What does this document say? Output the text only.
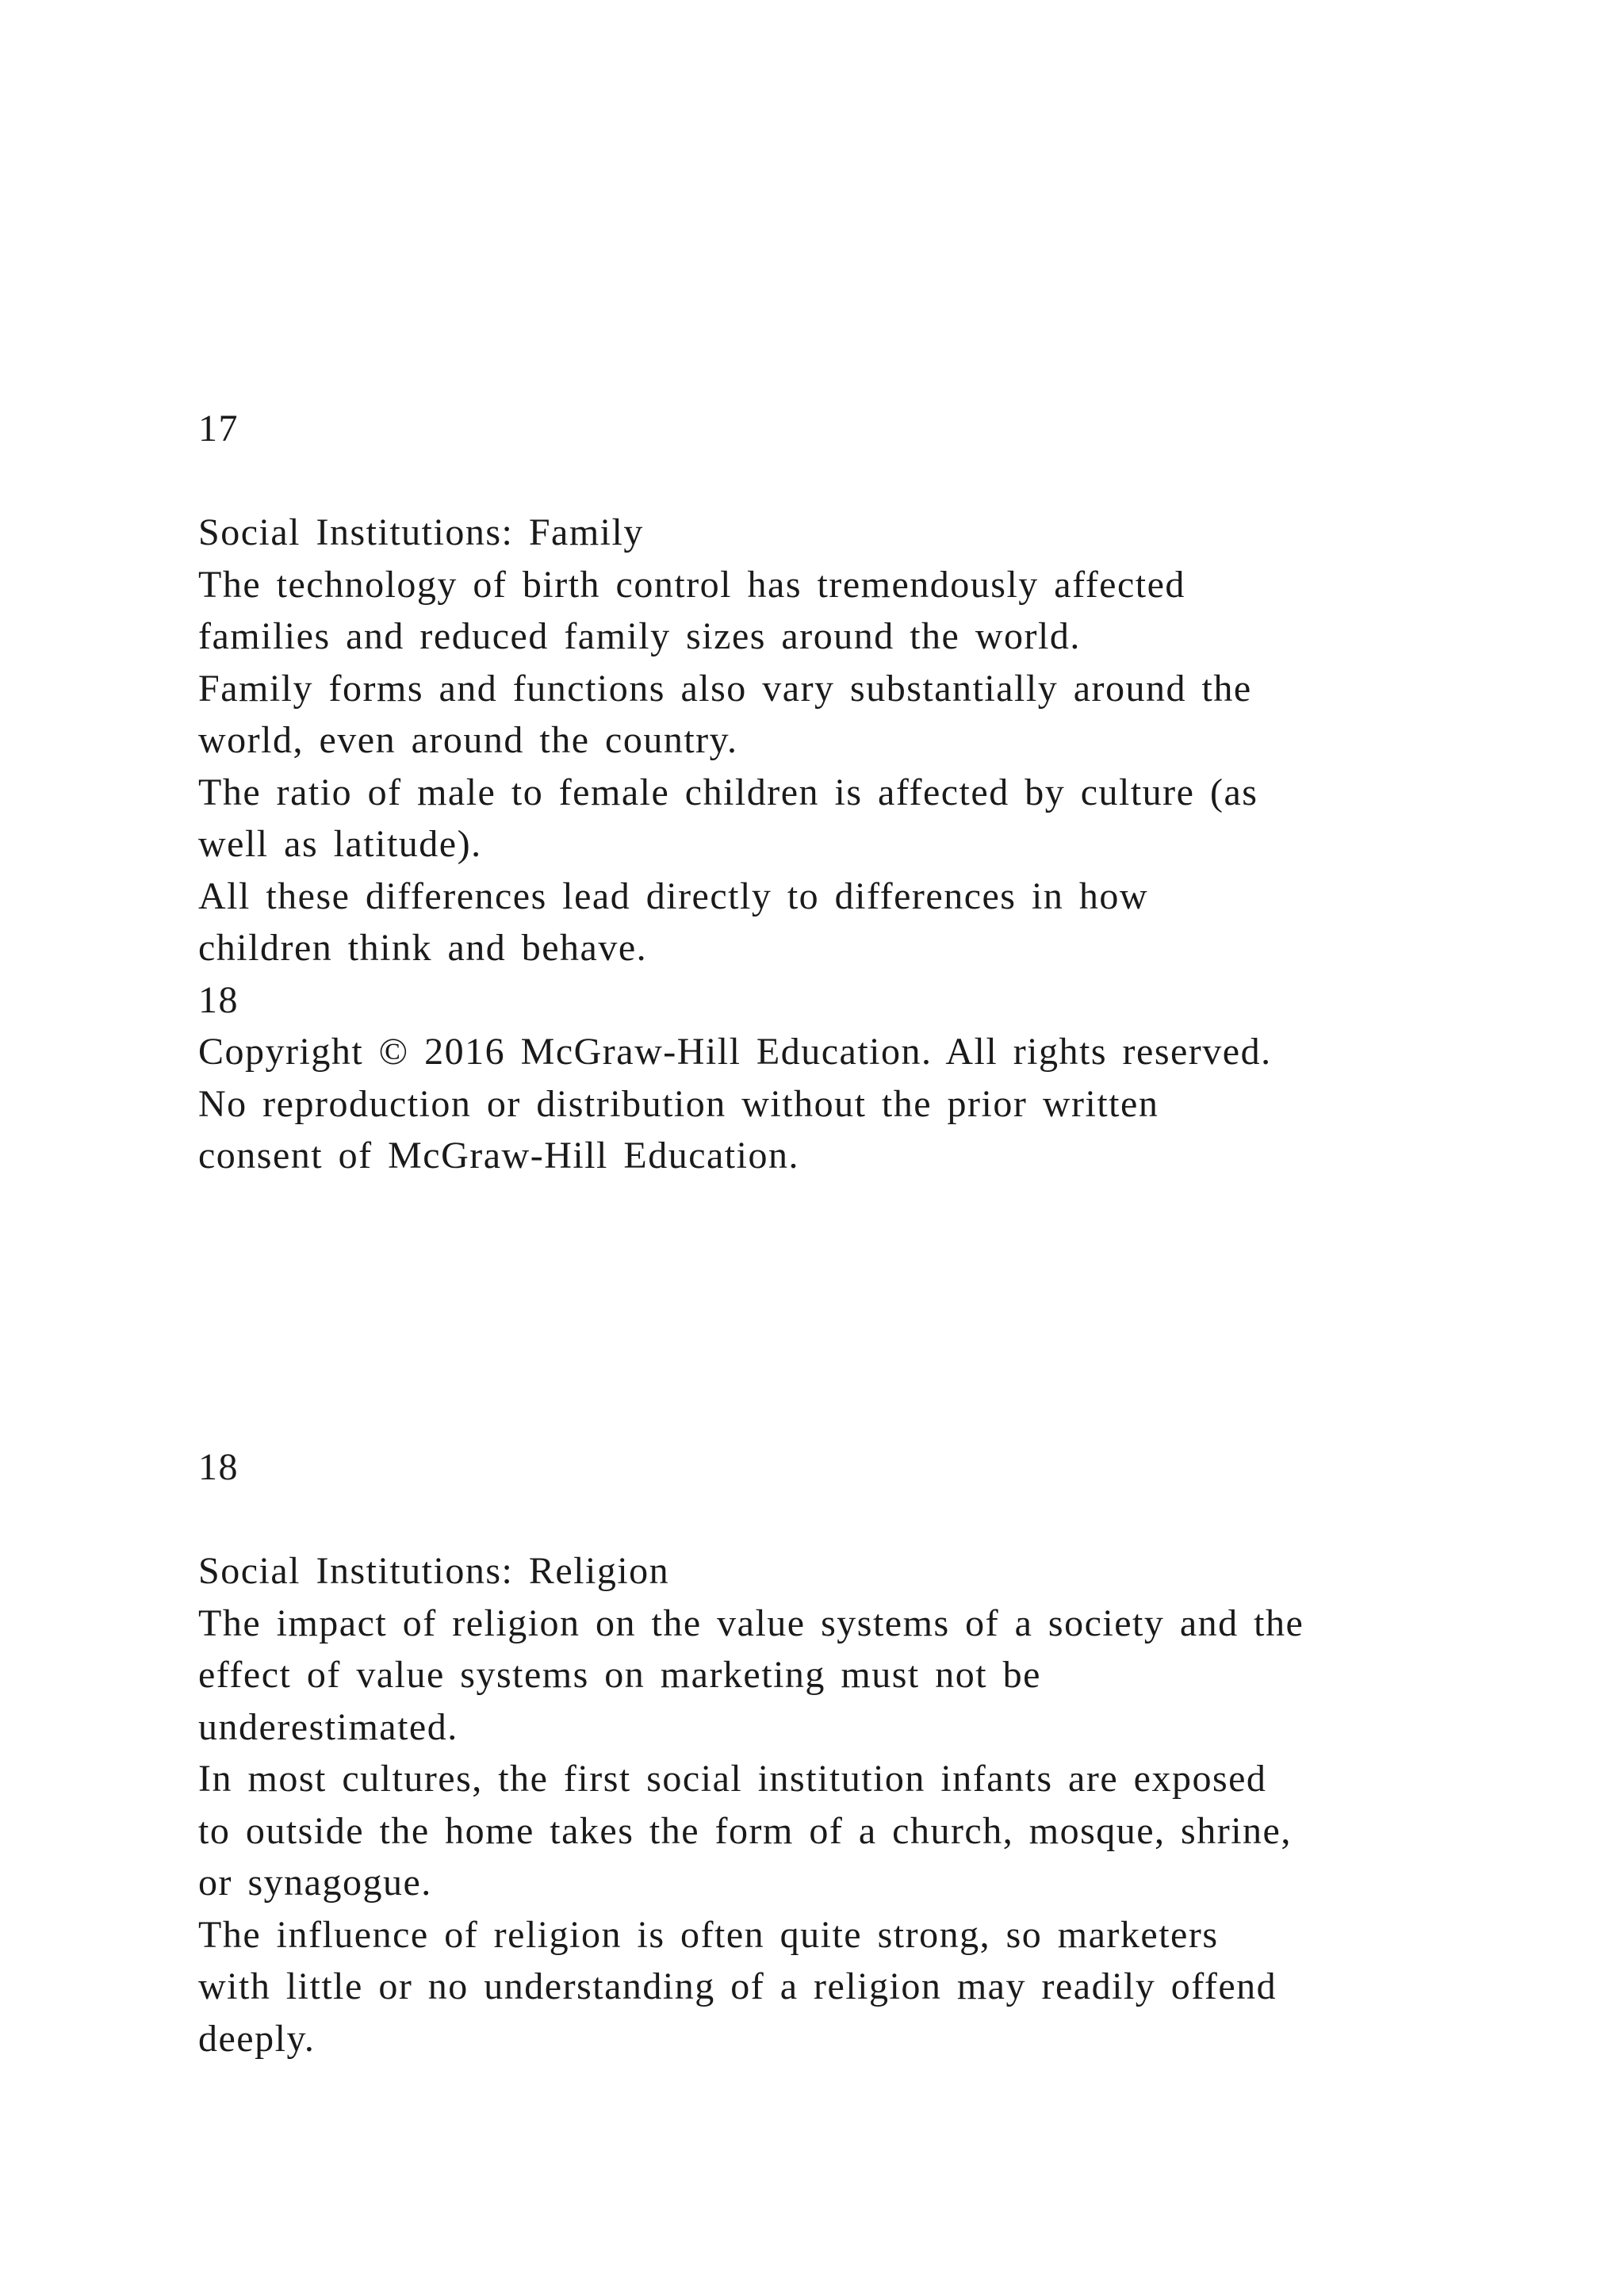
17
Social Institutions: Family
The technology of birth control has tremendously affected
families and reduced family sizes around the world.
Family forms and functions also vary substantially around the
world, even around the country.
The ratio of male to female children is affected by culture (as
well as latitude).
All these differences lead directly to differences in how
children think and behave.
18
Copyright © 2016 McGraw-Hill Education. All rights reserved.
No reproduction or distribution without the prior written
consent of McGraw-Hill Education.
18
Social Institutions: Religion
The impact of religion on the value systems of a society and the
effect of value systems on marketing must not be
underestimated.
In most cultures, the first social institution infants are exposed
to outside the home takes the form of a church, mosque, shrine,
or synagogue.
The influence of religion is often quite strong, so marketers
with little or no understanding of a religion may readily offend
deeply.
